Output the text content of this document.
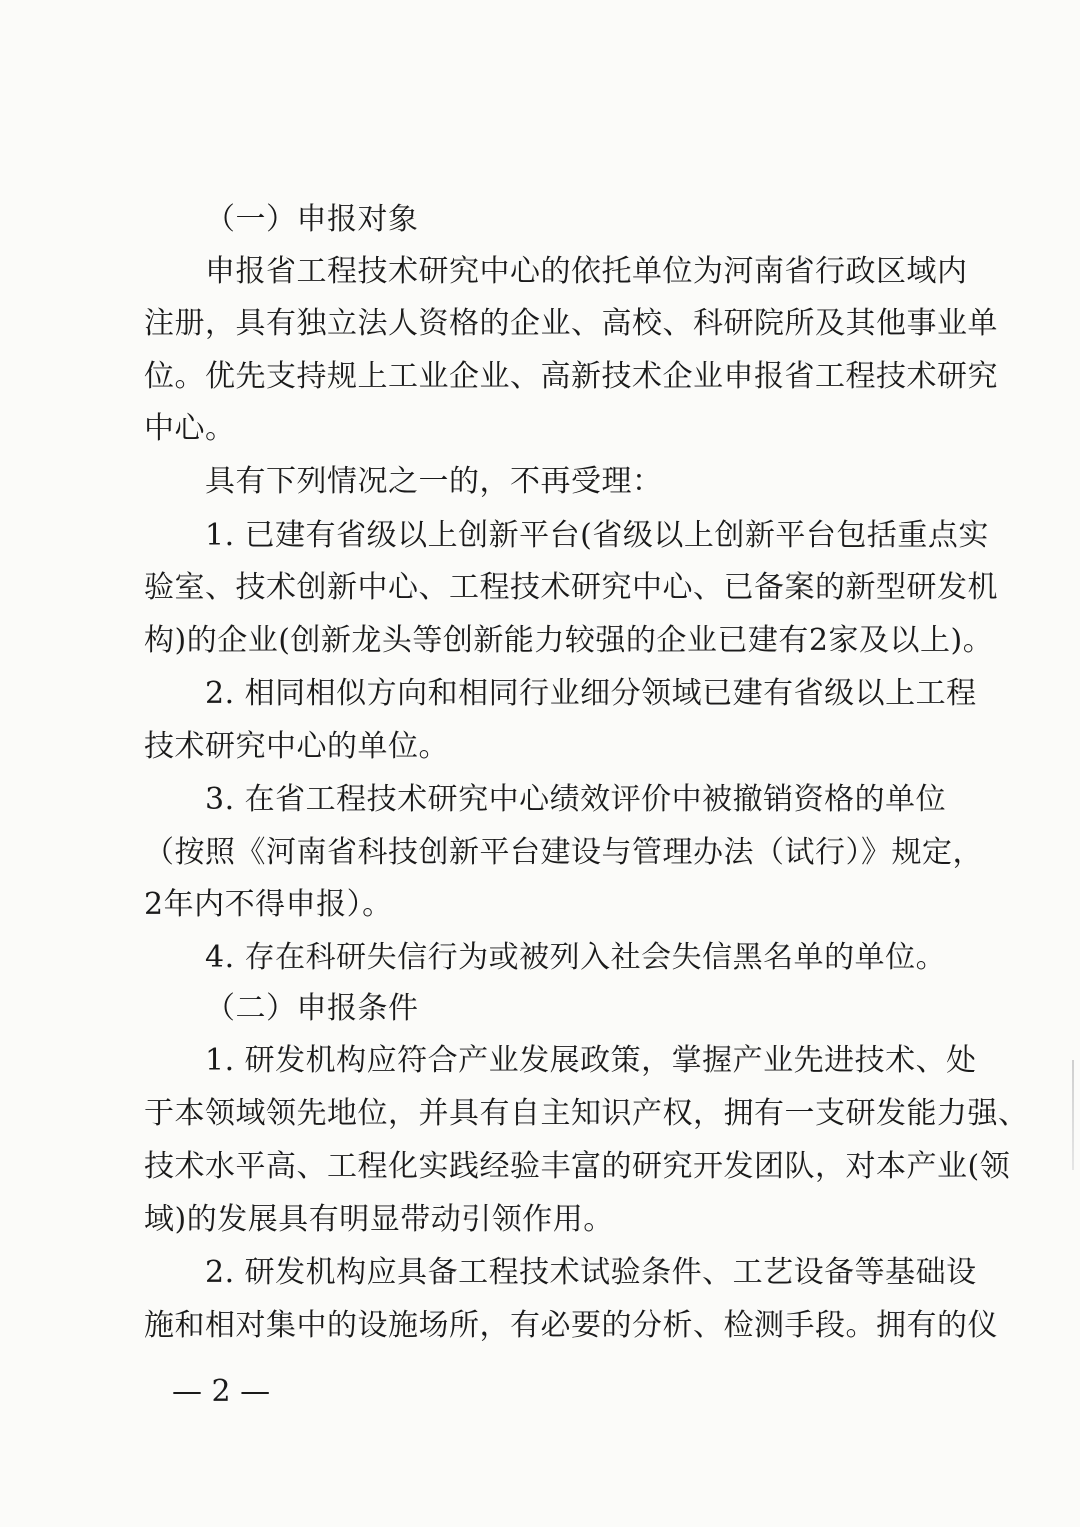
（一）申报对象
申报省工程技术研究中心的依托单位为河南省行政区域内
注册，具有独立法人资格的企业、高校、科研院所及其他事业单
位。优先支持规上工业企业、高新技术企业申报省工程技术研究
中心。
具有下列情况之一的，不再受理：
1. 已建有省级以上创新平台(省级以上创新平台包括重点实
验室、技术创新中心、工程技术研究中心、已备案的新型研发机
构)的企业(创新龙头等创新能力较强的企业已建有2家及以上)。
2. 相同相似方向和相同行业细分领域已建有省级以上工程
技术研究中心的单位。
3. 在省工程技术研究中心绩效评价中被撤销资格的单位
（按照《河南省科技创新平台建设与管理办法（试行）》规定，
2年内不得申报）。
4. 存在科研失信行为或被列入社会失信黑名单的单位。
（二）申报条件
1. 研发机构应符合产业发展政策，掌握产业先进技术、处
于本领域领先地位，并具有自主知识产权，拥有一支研发能力强、
技术水平高、工程化实践经验丰富的研究开发团队，对本产业(领
域)的发展具有明显带动引领作用。
2. 研发机构应具备工程技术试验条件、工艺设备等基础设
施和相对集中的设施场所，有必要的分析、检测手段。拥有的仪
— 2 —
